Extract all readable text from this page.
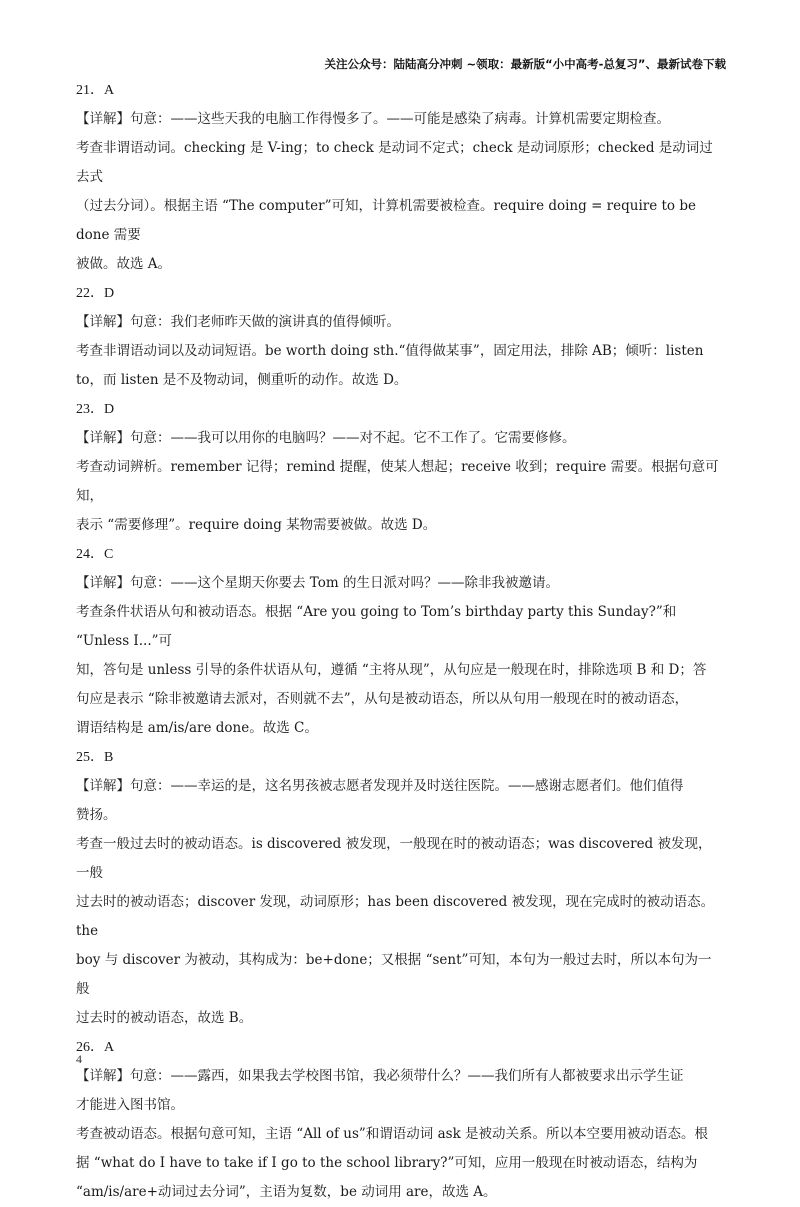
关注公众号：陆陆高分冲刺 ~领取：最新版“小中高考-总复习”、最新试卷下载

21．A

【详解】句意：——这些天我的电脑工作得慢多了。——可能是感染了病毒。计算机需要定期检查。

考查非谓语动词。checking 是 V-ing；to check 是动词不定式；check 是动词原形；checked 是动词过去式

（过去分词）。根据主语 “The computer”可知，计算机需要被检查。require doing = require to be done 需要

被做。故选 A。

22．D

【详解】句意：我们老师昨天做的演讲真的值得倾听。

考查非谓语动词以及动词短语。be worth doing sth.“值得做某事”，固定用法，排除 AB；倾听：listen

to，而 listen 是不及物动词，侧重听的动作。故选 D。

23．D

【详解】句意：——我可以用你的电脑吗？——对不起。它不工作了。它需要修修。

考查动词辨析。remember 记得；remind 提醒，使某人想起；receive 收到；require 需要。根据句意可知，

表示 “需要修理”。require doing 某物需要被做。故选 D。

24．C

【详解】句意：——这个星期天你要去 Tom 的生日派对吗？——除非我被邀请。

考查条件状语从句和被动语态。根据 “Are you going to Tom’s birthday party this Sunday?”和 “Unless I...”可

知，答句是 unless 引导的条件状语从句，遵循 “主将从现”，从句应是一般现在时，排除选项 B 和 D；答

句应是表示 “除非被邀请去派对，否则就不去”，从句是被动语态，所以从句用一般现在时的被动语态，

谓语结构是 am/is/are done。故选 C。

25．B

【详解】句意：——幸运的是，这名男孩被志愿者发现并及时送往医院。——感谢志愿者们。他们值得

赞扬。

考查一般过去时的被动语态。is discovered 被发现，一般现在时的被动语态；was discovered 被发现，一般

过去时的被动语态；discover 发现，动词原形；has been discovered 被发现，现在完成时的被动语态。 the

boy 与 discover 为被动，其构成为：be+done；又根据 “sent”可知，本句为一般过去时，所以本句为一般

过去时的被动语态，故选 B。

26．A

【详解】句意：——露西，如果我去学校图书馆，我必须带什么？——我们所有人都被要求出示学生证

才能进入图书馆。

考查被动语态。根据句意可知，主语 “All of us”和谓语动词 ask 是被动关系。所以本空要用被动语态。根

据 “what do I have to take if I go to the school library?”可知，应用一般现在时被动语态，结构为

“am/is/are+动词过去分词”，主语为复数，be 动词用 are，故选 A。

4
